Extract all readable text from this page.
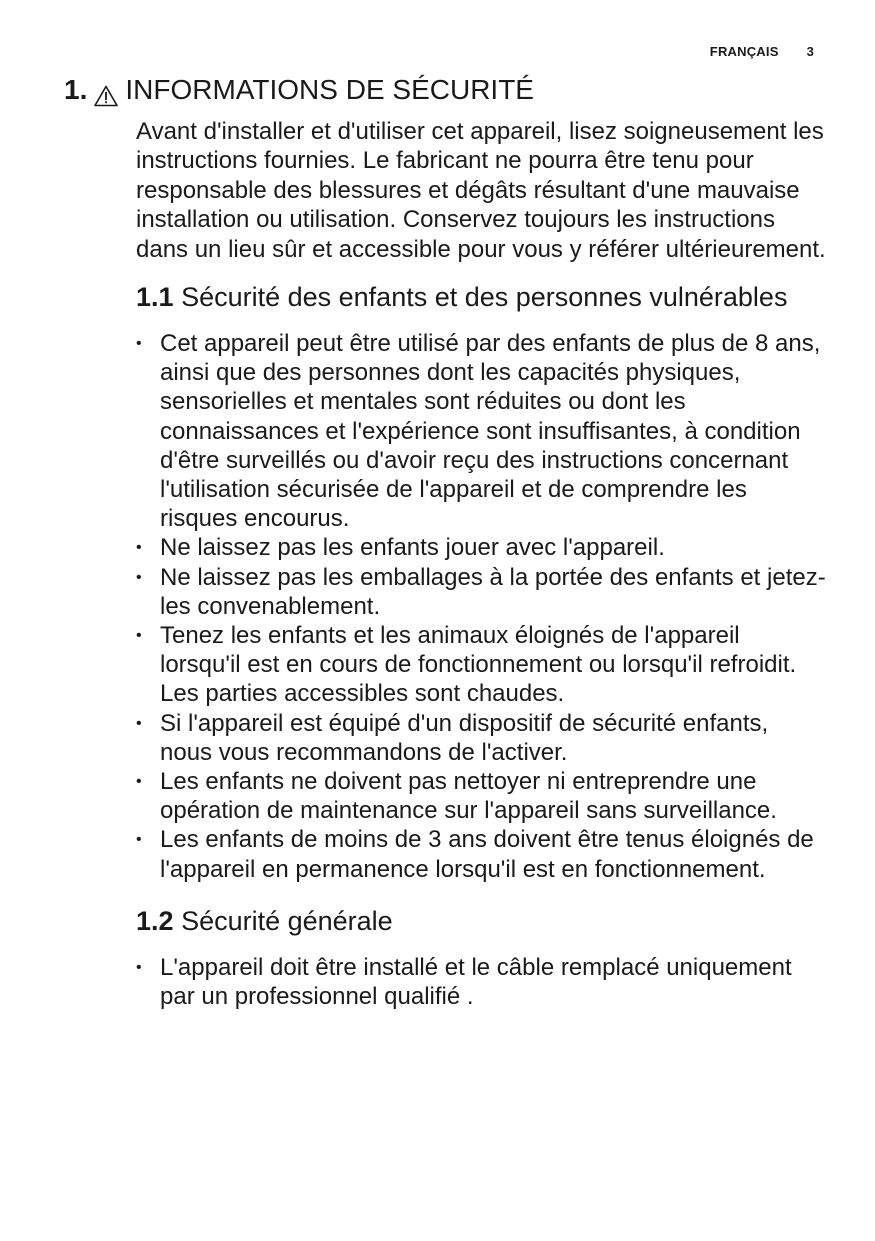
FRANÇAIS 3
1. INFORMATIONS DE SÉCURITÉ

Avant d'installer et d'utiliser cet appareil, lisez soigneusement les instructions fournies. Le fabricant ne pourra être tenu pour responsable des blessures et dégâts résultant d'une mauvaise installation ou utilisation. Conservez toujours les instructions dans un lieu sûr et accessible pour vous y référer ultérieurement.

1.1 Sécurité des enfants et des personnes vulnérables
• Cet appareil peut être utilisé par des enfants de plus de 8 ans, ainsi que des personnes dont les capacités physiques, sensorielles et mentales sont réduites ou dont les connaissances et l'expérience sont insuffisantes, à condition d'être surveillés ou d'avoir reçu des instructions concernant l'utilisation sécurisée de l'appareil et de comprendre les risques encourus.
• Ne laissez pas les enfants jouer avec l'appareil.
• Ne laissez pas les emballages à la portée des enfants et jetez-les convenablement.
• Tenez les enfants et les animaux éloignés de l'appareil lorsqu'il est en cours de fonctionnement ou lorsqu'il refroidit. Les parties accessibles sont chaudes.
• Si l'appareil est équipé d'un dispositif de sécurité enfants, nous vous recommandons de l'activer.
• Les enfants ne doivent pas nettoyer ni entreprendre une opération de maintenance sur l'appareil sans surveillance.
• Les enfants de moins de 3 ans doivent être tenus éloignés de l'appareil en permanence lorsqu'il est en fonctionnement.
1.2 Sécurité générale
• L'appareil doit être installé et le câble remplacé uniquement par un professionnel qualifié .
